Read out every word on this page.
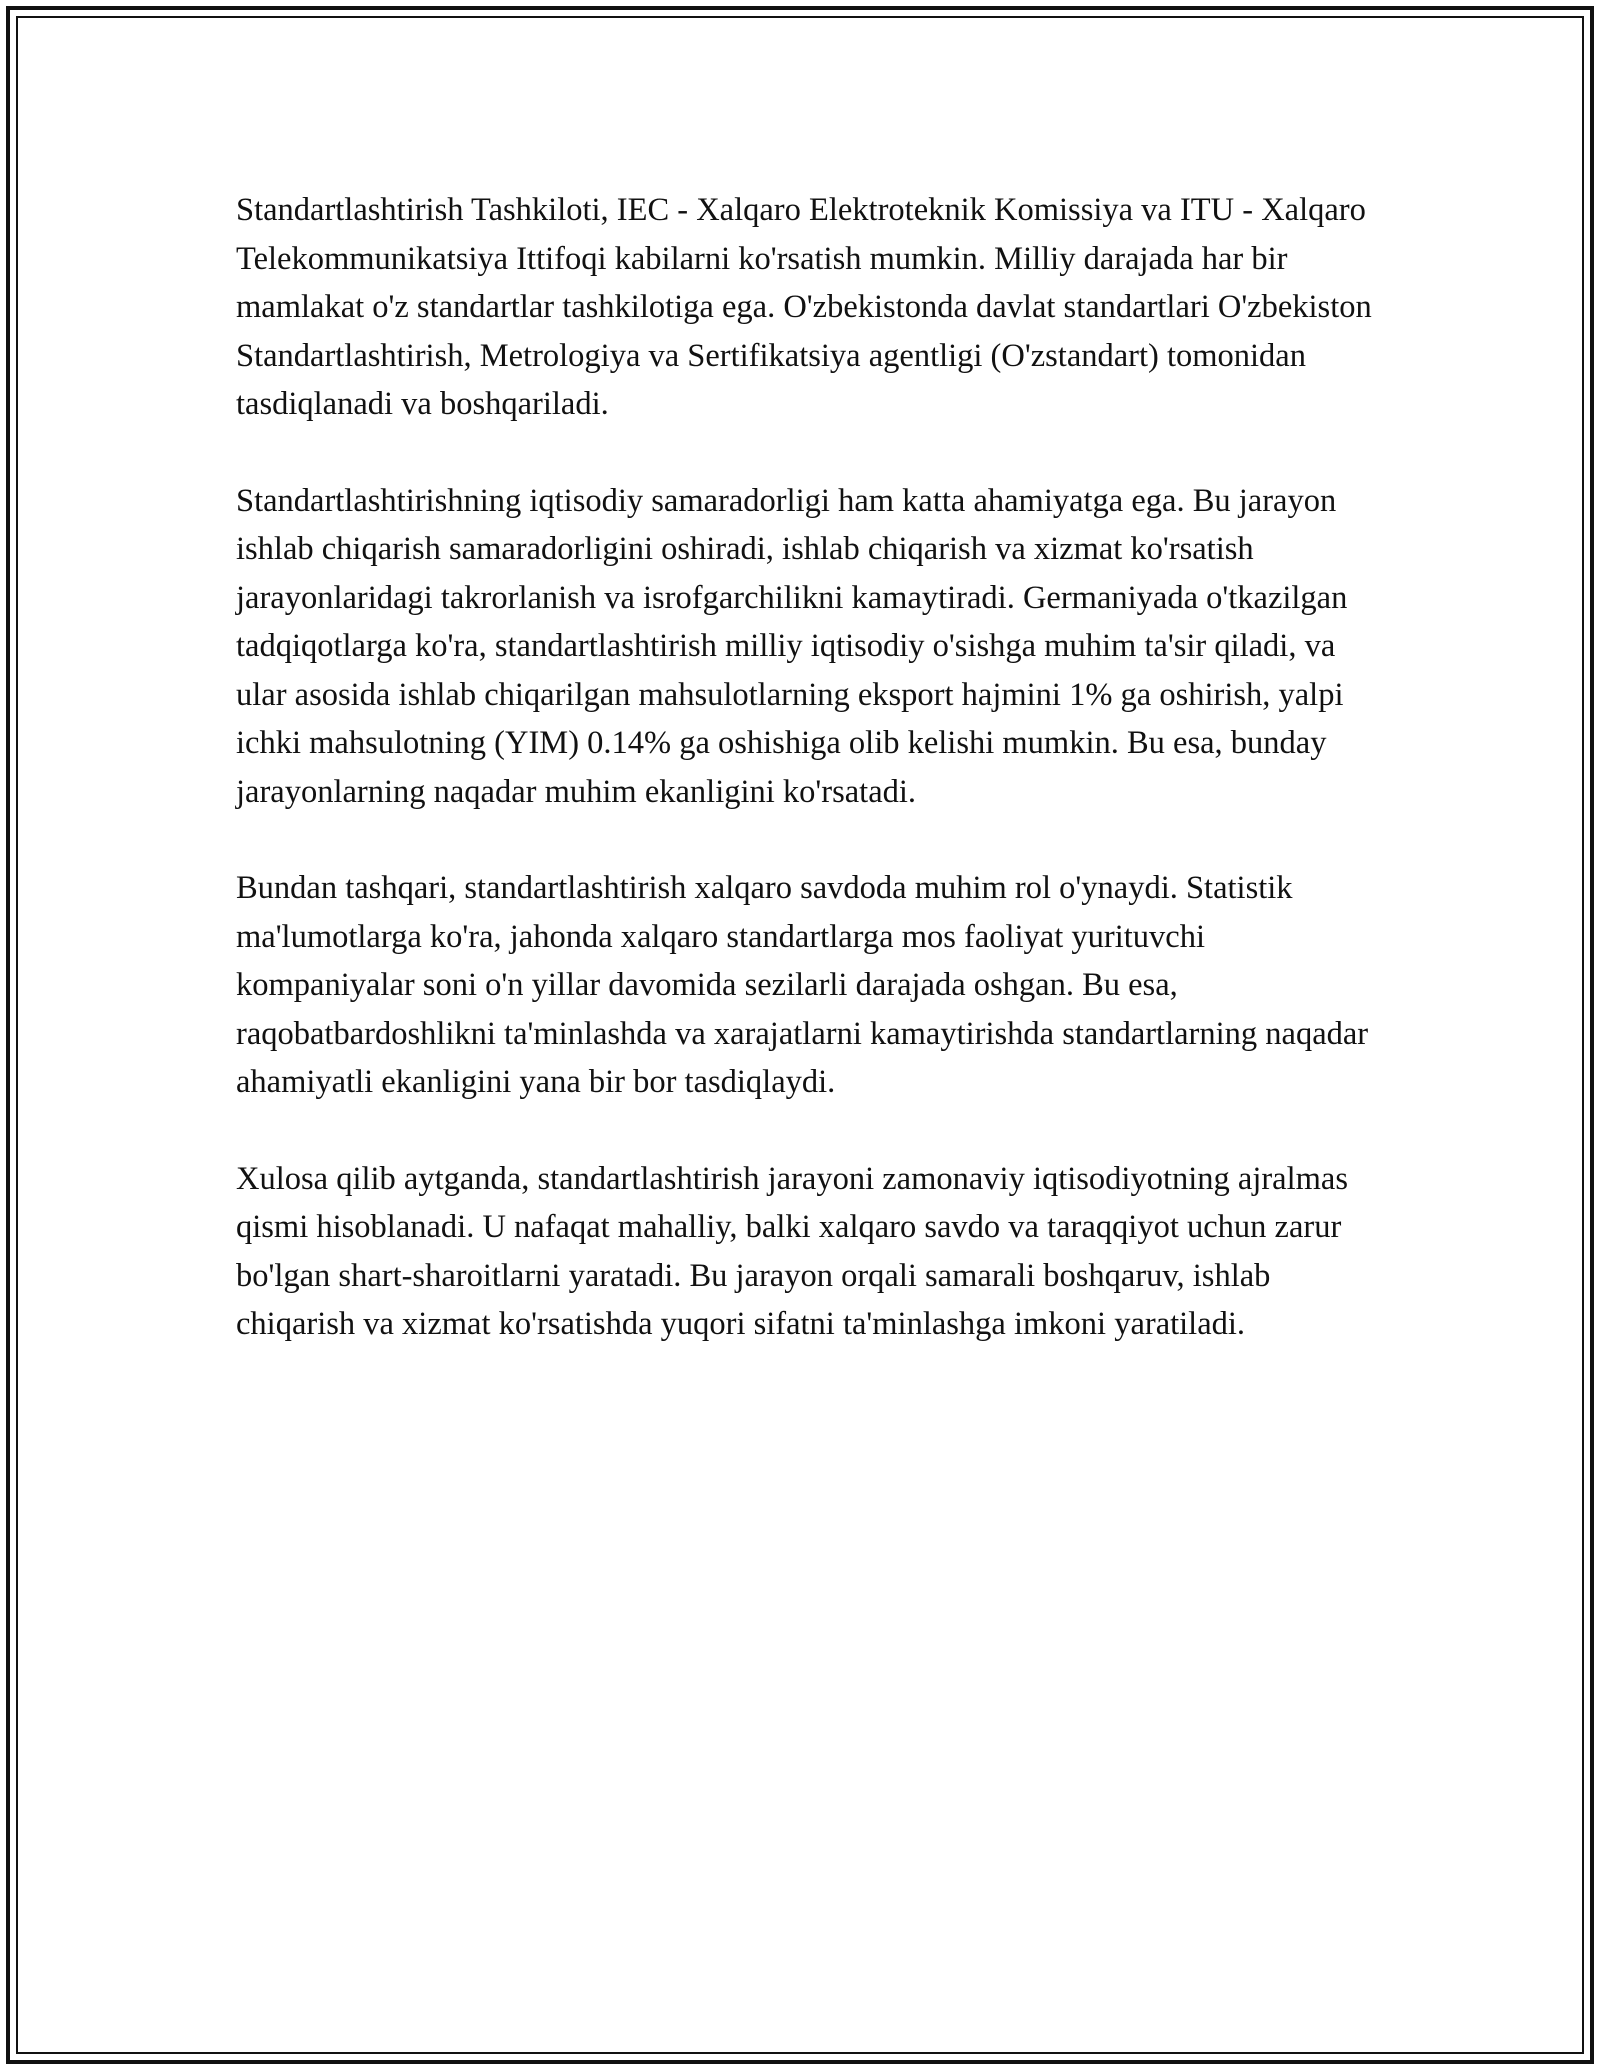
Standartlashtirish Tashkiloti, IEC - Xalqaro Elektroteknik Komissiya va ITU - Xalqaro Telekommunikatsiya Ittifoqi kabilarni ko'rsatish mumkin. Milliy darajada har bir mamlakat o'z standartlar tashkilotiga ega. O'zbekistonda davlat standartlari O'zbekiston Standartlashtirish, Metrologiya va Sertifikatsiya agentligi (O'zstandart) tomonidan tasdiqlanadi va boshqariladi.

Standartlashtirishning iqtisodiy samaradorligi ham katta ahamiyatga ega. Bu jarayon ishlab chiqarish samaradorligini oshiradi, ishlab chiqarish va xizmat ko'rsatish jarayonlaridagi takrorlanish va isrofgarchilikni kamaytiradi. Germaniyada o'tkazilgan tadqiqotlarga ko'ra, standartlashtirish milliy iqtisodiy o'sishga muhim ta'sir qiladi, va ular asosida ishlab chiqarilgan mahsulotlarning eksport hajmini 1% ga oshirish, yalpi ichki mahsulotning (YIM) 0.14% ga oshishiga olib kelishi mumkin. Bu esa, bunday jarayonlarning naqadar muhim ekanligini ko'rsatadi.

Bundan tashqari, standartlashtirish xalqaro savdoda muhim rol o'ynaydi. Statistik ma'lumotlarga ko'ra, jahonda xalqaro standartlarga mos faoliyat yurituvchi kompaniyalar soni o'n yillar davomida sezilarli darajada oshgan. Bu esa, raqobatbardoshlikni ta'minlashda va xarajatlarni kamaytirishda standartlarning naqadar ahamiyatli ekanligini yana bir bor tasdiqlaydi.

Xulosa qilib aytganda, standartlashtirish jarayoni zamonaviy iqtisodiyotning ajralmas qismi hisoblanadi. U nafaqat mahalliy, balki xalqaro savdo va taraqqiyot uchun zarur bo'lgan shart-sharoitlarni yaratadi. Bu jarayon orqali samarali boshqaruv, ishlab chiqarish va xizmat ko'rsatishda yuqori sifatni ta'minlashga imkoni yaratiladi.
